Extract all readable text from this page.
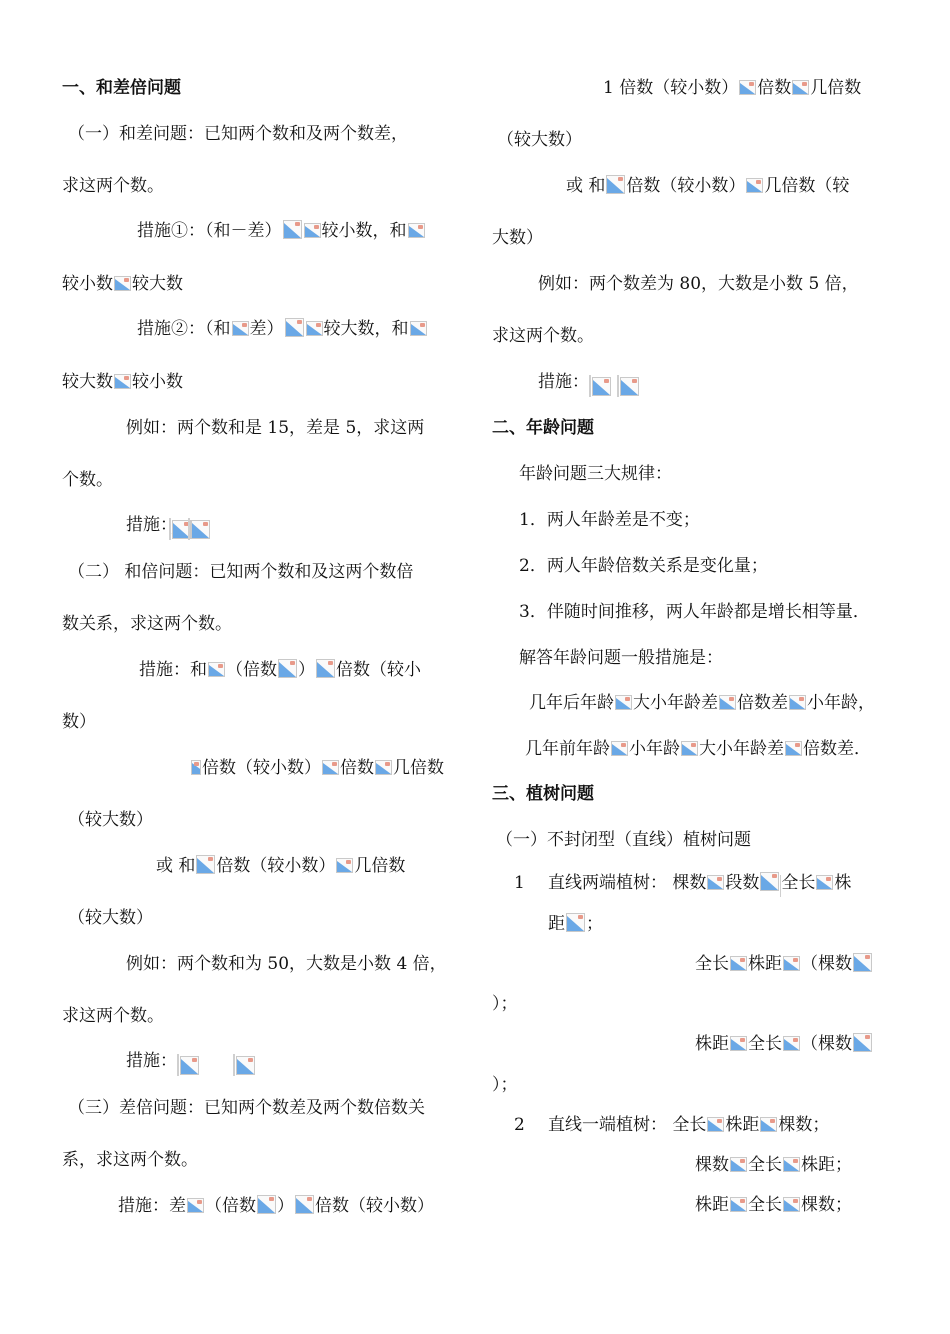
一、和差倍问题
（一）和差问题：已知两个数和及两个数差，
求这两个数。
措施①：（和－差） 较小数，和
较小数 较大数
措施②：（和 差） 较大数，和
较大数 较小数
例如：两个数和是 15，差是 5，求这两
个数。
措施：
（二） 和倍问题：已知两个数和及这两个数倍
数关系，求这两个数。
措施：和 （倍数 ） 倍数（较小
数）
倍数（较小数） 倍数 几倍数
（较大数）
或 和 倍数（较小数） 几倍数
（较大数）
例如：两个数和为 50，大数是小数 4 倍，
求这两个数。
措施：
（三）差倍问题：已知两个数差及两个数倍数关
系，求这两个数。
措施：差 （倍数 ） 倍数（较小数）
1 倍数（较小数） 倍数 几倍数
（较大数）
或 和 倍数（较小数） 几倍数（较
大数）
例如：两个数差为 80，大数是小数 5 倍，
求这两个数。
措施：
二、年龄问题
年龄问题三大规律：
1．两人年龄差是不变；
2．两人年龄倍数关系是变化量；
3．伴随时间推移，两人年龄都是增长相等量．
解答年龄问题一般措施是：
几年后年龄 大小年龄差 倍数差 小年龄，
几年前年龄 小年龄 大小年龄差 倍数差．
三、植树问题
（一）不封闭型（直线）植树问题
1 直线两端植树： 棵数 段数 全长 株
距 ；
全长 株距 （棵数
）；
株距 全长 （棵数
）；
2 直线一端植树： 全长 株距 棵数；
棵数 全长 株距；
株距 全长 棵数；
